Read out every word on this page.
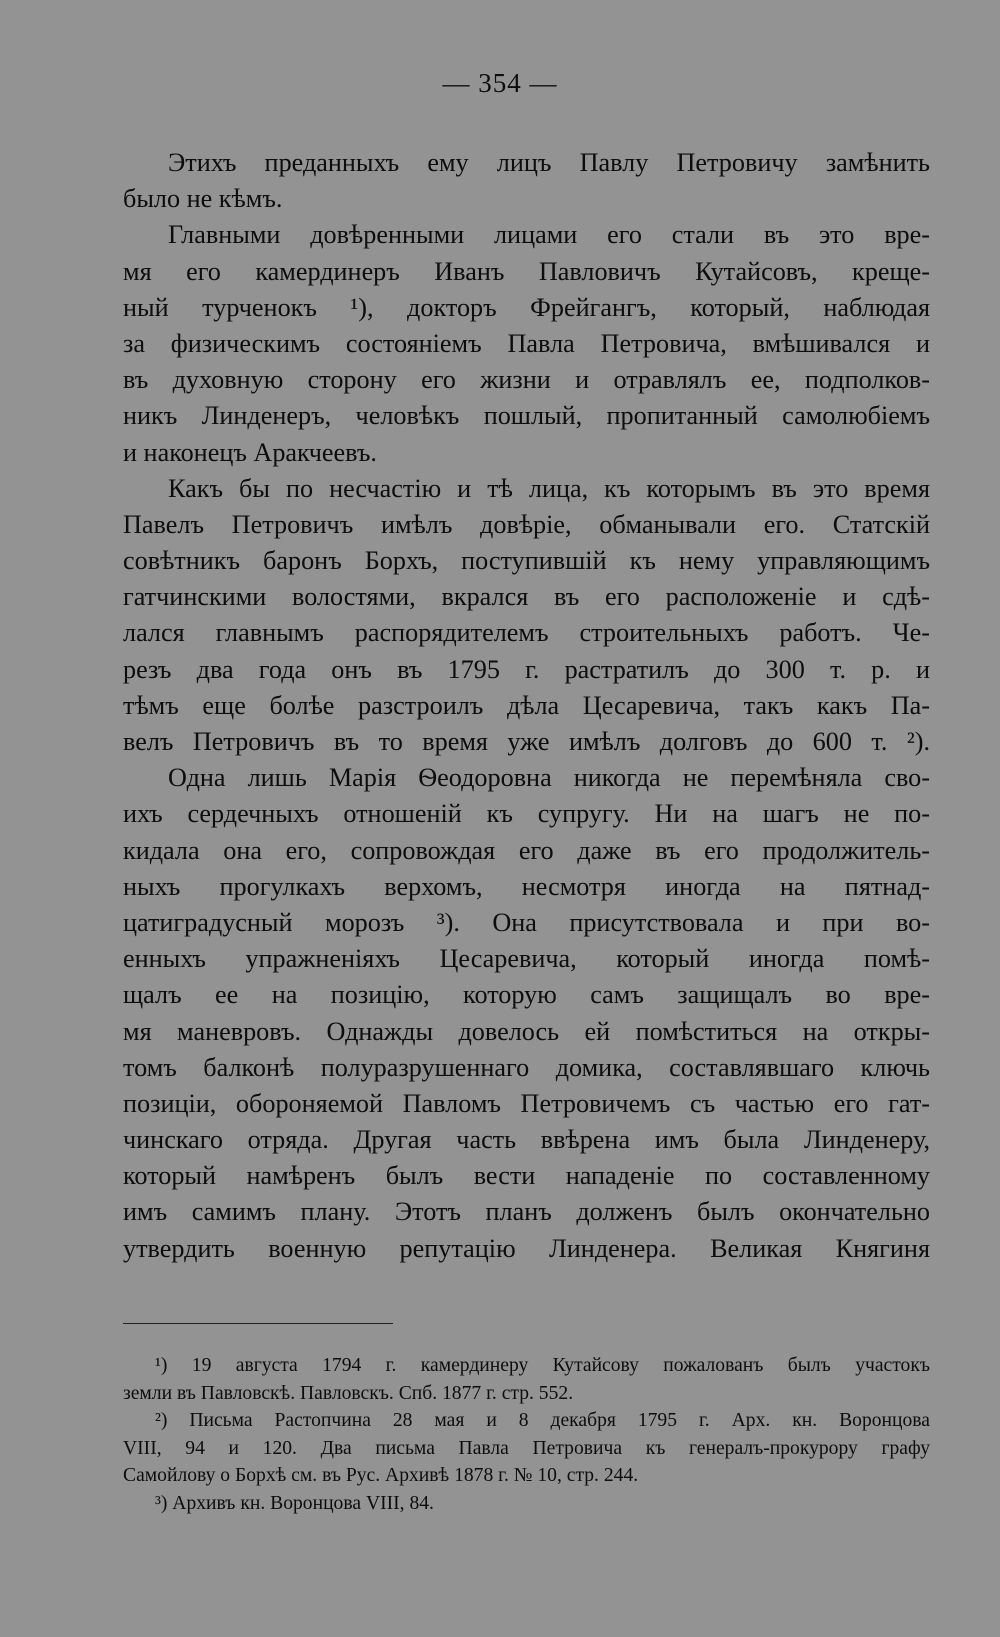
— 354 —
Этихъ преданныхъ ему лицъ Павлу Петровичу замѣнить
было не кѣмъ.
Главными довѣренными лицами его стали въ это вре-
мя его камердинеръ Иванъ Павловичъ Кутайсовъ, креще-
ный турченокъ ¹), докторъ Фрейгангъ, который, наблюдая
за физическимъ состояніемъ Павла Петровича, вмѣшивался и
въ духовную сторону его жизни и отравлялъ ее, подполков-
никъ Линденеръ, человѣкъ пошлый, пропитанный самолюбіемъ
и наконецъ Аракчеевъ.
Какъ бы по несчастію и тѣ лица, къ которымъ въ это время
Павелъ Петровичъ имѣлъ довѣріе, обманывали его. Статскій
совѣтникъ баронъ Борхъ, поступившій къ нему управляющимъ
гатчинскими волостями, вкрался въ его расположеніе и сдѣ-
лался главнымъ распорядителемъ строительныхъ работъ. Че-
резъ два года онъ въ 1795 г. растратилъ до 300 т. р. и
тѣмъ еще болѣе разстроилъ дѣла Цесаревича, такъ какъ Па-
велъ Петровичъ въ то время уже имѣлъ долговъ до 600 т. ²).
Одна лишь Марія Ѳеодоровна никогда не перемѣняла сво-
ихъ сердечныхъ отношеній къ супругу. Ни на шагъ не по-
кидала она его, сопровождая его даже въ его продолжитель-
ныхъ прогулкахъ верхомъ, несмотря иногда на пятнад-
цатиградусный морозъ ³). Она присутствовала и при во-
енныхъ упражненіяхъ Цесаревича, который иногда помѣ-
щалъ ее на позицію, которую самъ защищалъ во вре-
мя маневровъ. Однажды довелось ей помѣститься на откры-
томъ балконѣ полуразрушеннаго домика, составлявшаго ключь
позиціи, обороняемой Павломъ Петровичемъ съ частью его гат-
чинскаго отряда. Другая часть ввѣрена имъ была Линденеру,
который намѣренъ былъ вести нападеніе по составленному
имъ самимъ плану. Этотъ планъ долженъ былъ окончательно
утвердить военную репутацію Линденера. Великая Княгиня
¹) 19 августа 1794 г. камердинеру Кутайсову пожалованъ былъ участокъ
земли въ Павловскѣ. Павловскъ. Спб. 1877 г. стр. 552.
²) Письма Растопчина 28 мая и 8 декабря 1795 г. Арх. кн. Воронцова
VIII, 94 и 120. Два письма Павла Петровича къ генералъ-прокурору графу
Самойлову о Борхѣ см. въ Рус. Архивѣ 1878 г. № 10, стр. 244.
³) Архивъ кн. Воронцова VIII, 84.
